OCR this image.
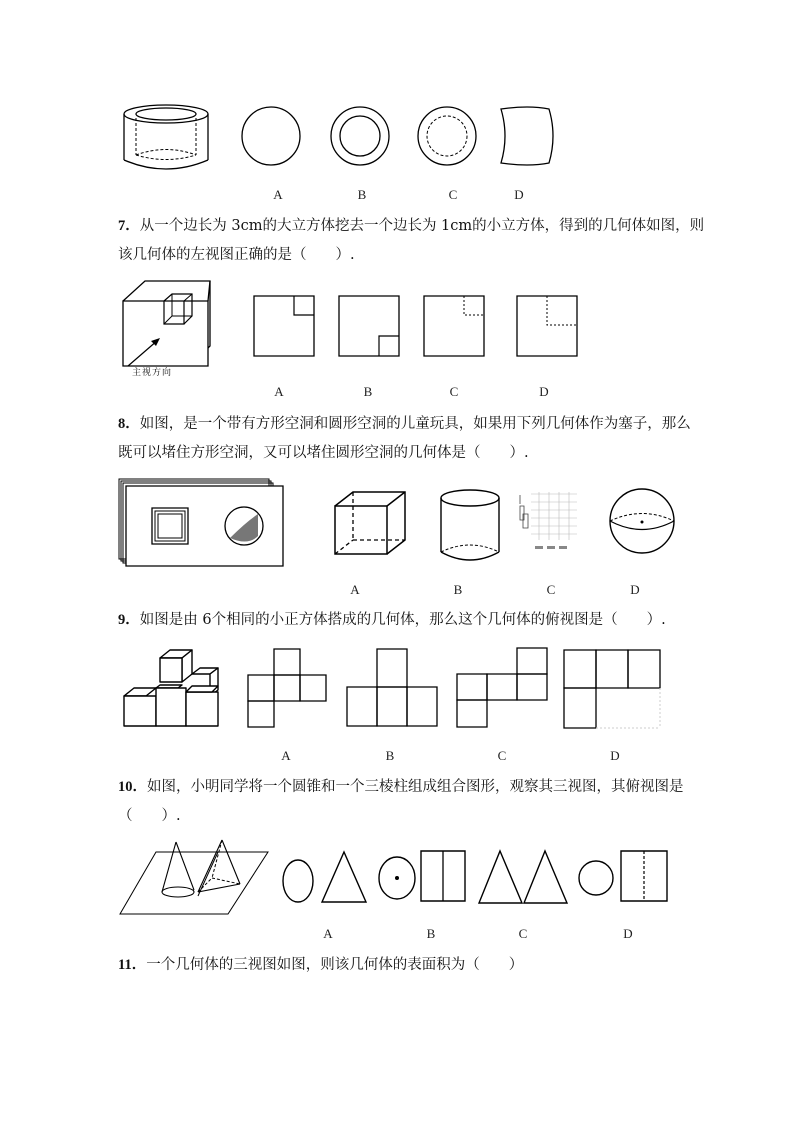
A	B	C	D
7．从一个边长为 3cm的大立方体挖去一个边长为 1cm的小立方体，得到的几何体如图，则
该几何体的左视图正确的是（　　）.
主视方向
A	B	C	D
8．如图，是一个带有方形空洞和圆形空洞的儿童玩具，如果用下列几何体作为塞子，那么
既可以堵住方形空洞，又可以堵住圆形空洞的几何体是（　　）.
A	B	C	D
9．如图是由 6个相同的小正方体搭成的几何体，那么这个几何体的俯视图是（　　）.
A	B	C	D
10．如图，小明同学将一个圆锥和一个三棱柱组成组合图形，观察其三视图，其俯视图是
（　　）.
A	B	C	D
11．一个几何体的三视图如图，则该几何体的表面积为（　　）
